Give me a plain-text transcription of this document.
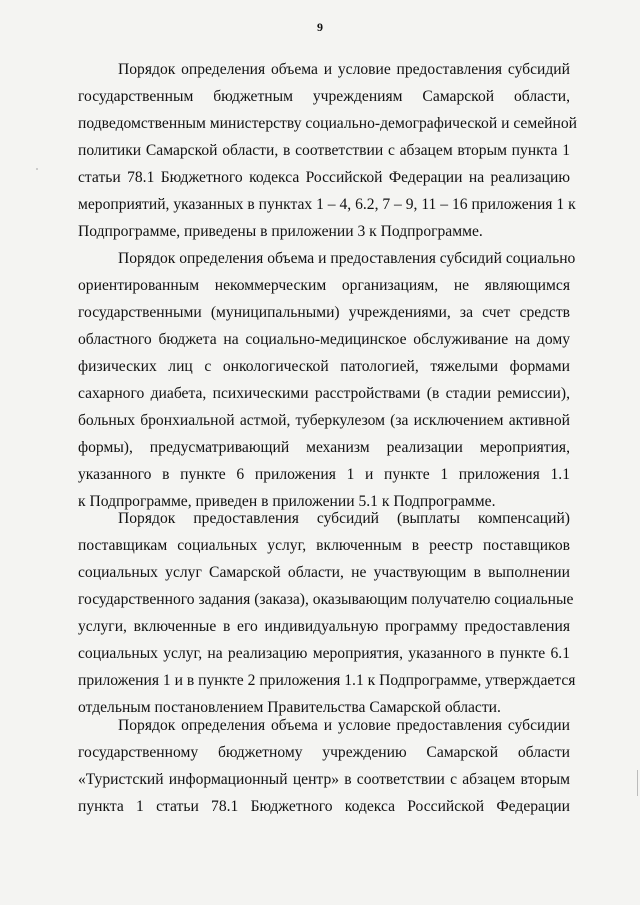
9

Порядок определения объема и условие предоставления субсидий
государственным бюджетным учреждениям Самарской области,
подведомственным министерству социально-демографической и семейной
политики Самарской области, в соответствии с абзацем вторым пункта 1
статьи 78.1 Бюджетного кодекса Российской Федерации на реализацию
мероприятий, указанных в пунктах 1 – 4, 6.2, 7 – 9, 11 – 16 приложения 1 к
Подпрограмме, приведены в приложении 3 к Подпрограмме.

Порядок определения объема и предоставления субсидий социально
ориентированным некоммерческим организациям, не являющимся
государственными (муниципальными) учреждениями, за счет средств
областного бюджета на социально-медицинское обслуживание на дому
физических лиц с онкологической патологией, тяжелыми формами
сахарного диабета, психическими расстройствами (в стадии ремиссии),
больных бронхиальной астмой, туберкулезом (за исключением активной
формы), предусматривающий механизм реализации мероприятия,
указанного в пункте 6 приложения 1 и пункте 1 приложения 1.1
к Подпрограмме, приведен в приложении 5.1 к Подпрограмме.

Порядок предоставления субсидий (выплаты компенсаций)
поставщикам социальных услуг, включенным в реестр поставщиков
социальных услуг Самарской области, не участвующим в выполнении
государственного задания (заказа), оказывающим получателю социальные
услуги, включенные в его индивидуальную программу предоставления
социальных услуг, на реализацию мероприятия, указанного в пункте 6.1
приложения 1 и в пункте 2 приложения 1.1 к Подпрограмме, утверждается
отдельным постановлением Правительства Самарской области.

Порядок определения объема и условие предоставления субсидии
государственному бюджетному учреждению Самарской области
«Туристский информационный центр» в соответствии с абзацем вторым
пункта 1 статьи 78.1 Бюджетного кодекса Российской Федерации
